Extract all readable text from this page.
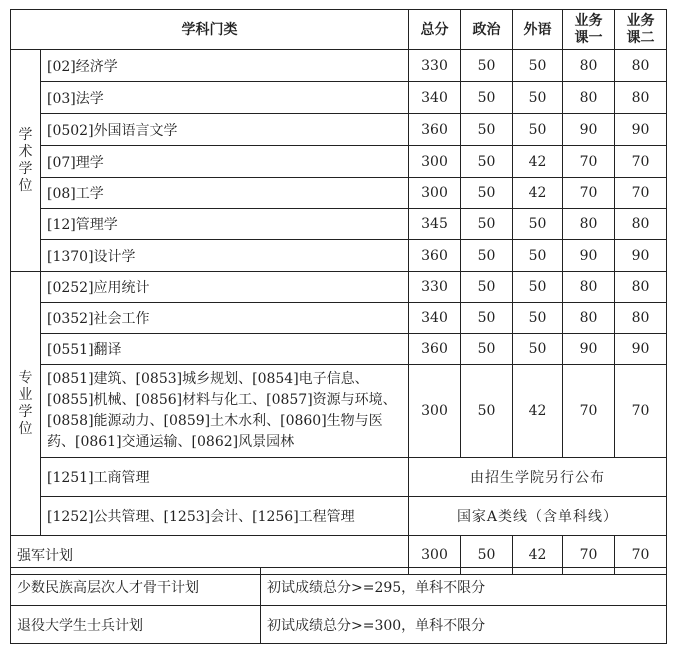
学科门类		总分	政治	外语	业务课一	业务课二
学术学位	[02]经济学	330	50	50	80	80
	[03]法学	340	50	50	80	80
	[0502]外国语言文学	360	50	50	90	90
	[07]理学	300	50	42	70	70
	[08]工学	300	50	42	70	70
	[12]管理学	345	50	50	80	80
	[1370]设计学	360	50	50	90	90
专业学位	[0252]应用统计	330	50	50	80	80
	[0352]社会工作	340	50	50	80	80
	[0551]翻译	360	50	50	90	90
	[0851]建筑、[0853]城乡规划、[0854]电子信息、[0855]机械、[0856]材料与化工、[0857]资源与环境、[0858]能源动力、[0859]土木水利、[0860]生物与医药、[0861]交通运输、[0862]风景园林	300	50	42	70	70
	[1251]工商管理	由招生学院另行公布				
	[1252]公共管理、[1253]会计、[1256]工程管理	国家A类线（含单科线）				
强军计划		300	50	42	70	70
少数民族高层次人才骨干计划	初试成绩总分>=295，单科不限分
退役大学生士兵计划	初试成绩总分>=300，单科不限分
